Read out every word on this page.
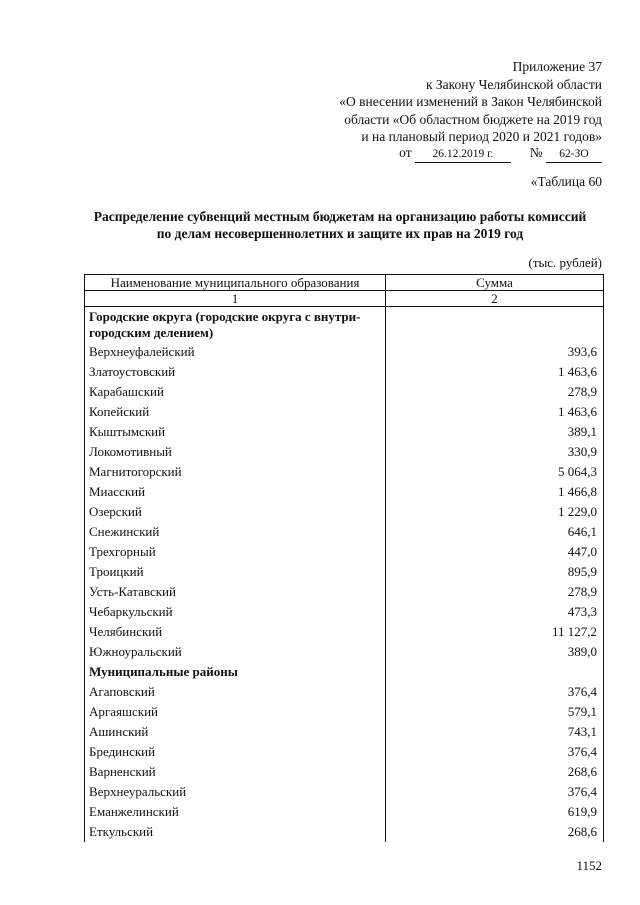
Приложение 37
к Закону Челябинской области
«О внесении изменений в Закон Челябинской
области «Об областном бюджете на 2019 год
и на плановый период 2020 и 2021 годов»
от 26.12.2019 г.	№ 62-ЗО
«Таблица 60
Распределение субвенций местным бюджетам на организацию работы комиссий
по делам несовершеннолетних и защите их прав на 2019 год
(тыс. рублей)
Наименование муниципального образования	Сумма
1	2

Городские округа (городские округа с внутри-
городским делением)	

Верхнеуфалейский	393,6
Златоустовский	1 463,6
Карабашский	278,9
Копейский	1 463,6
Кыштымский	389,1
Локомотивный	330,9
Магнитогорский	5 064,3
Миасский	1 466,8
Озерский	1 229,0
Снежинский	646,1
Трехгорный	447,0
Троицкий	895,9
Усть-Катавский	278,9
Чебаркульский	473,3
Челябинский	11 127,2
Южноуральский	389,0
Муниципальные районы	
Агаповский	376,4
Аргаяшский	579,1
Ашинский	743,1
Брединский	376,4
Варненский	268,6
Верхнеуральский	376,4
Еманжелинский	619,9
Еткульский	268,6
1152
